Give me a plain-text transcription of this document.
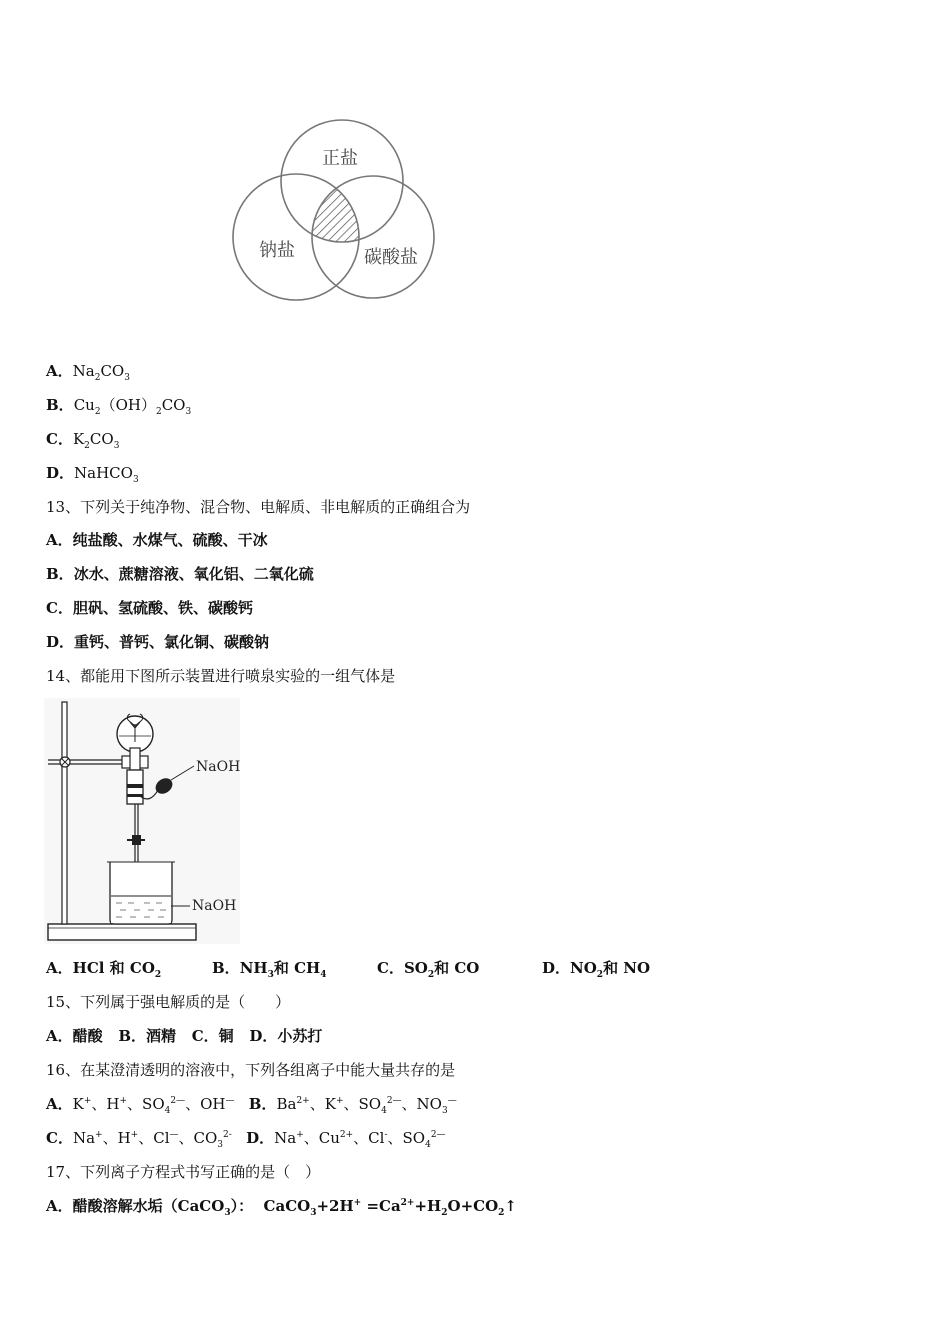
正盐
钠盐	碳酸盐
A．$Na_2CO_3$
B．$Cu_2(OH)_2CO_3$
C．$K_2CO_3$
D．NaHCO$_3$
13、下列关于纯净物、混合物、电解质、非电解质的正确组合为
A．纯盐酸、水煤气、硫酸、干冰
B．冰水、蔗糖溶液、氧化铝、二氧化硫
C．胆矾、氢硫酸、铁、碳酸钙
D．重钙、普钙、氯化铜、碳酸钠
14、都能用下图所示装置进行喷泉实验的一组气体是
NaOH
NaOH
A．HCl 和 $CO_2$	B．$NH_3$和 $CH_4$	C．$SO_2$和 CO	D．$NO_2$和 NO
15、下列属于强电解质的是（　　）
A．醋酸 B．酒精 C．铜 D．小苏打
16、在某澄清透明的溶液中，下列各组离子中能大量共存的是
A．K+、H+、$SO_4^{2—}$、OH— B．$Ba^{2+}$、K+、$SO_4^{2—}$、$NO_3^—$
C．Na+、H+、Cl—、$CO_3^{2-}$ D．Na+、$Cu^{2+}$、Cl-、$SO_4^{2—}$
17、下列离子方程式书写正确的是（　）
A．醋酸溶解水垢（CaCO$_3$）： CaCO$_3$+2H+ $=Ca^{2+}+H_2O+CO_2↑$
